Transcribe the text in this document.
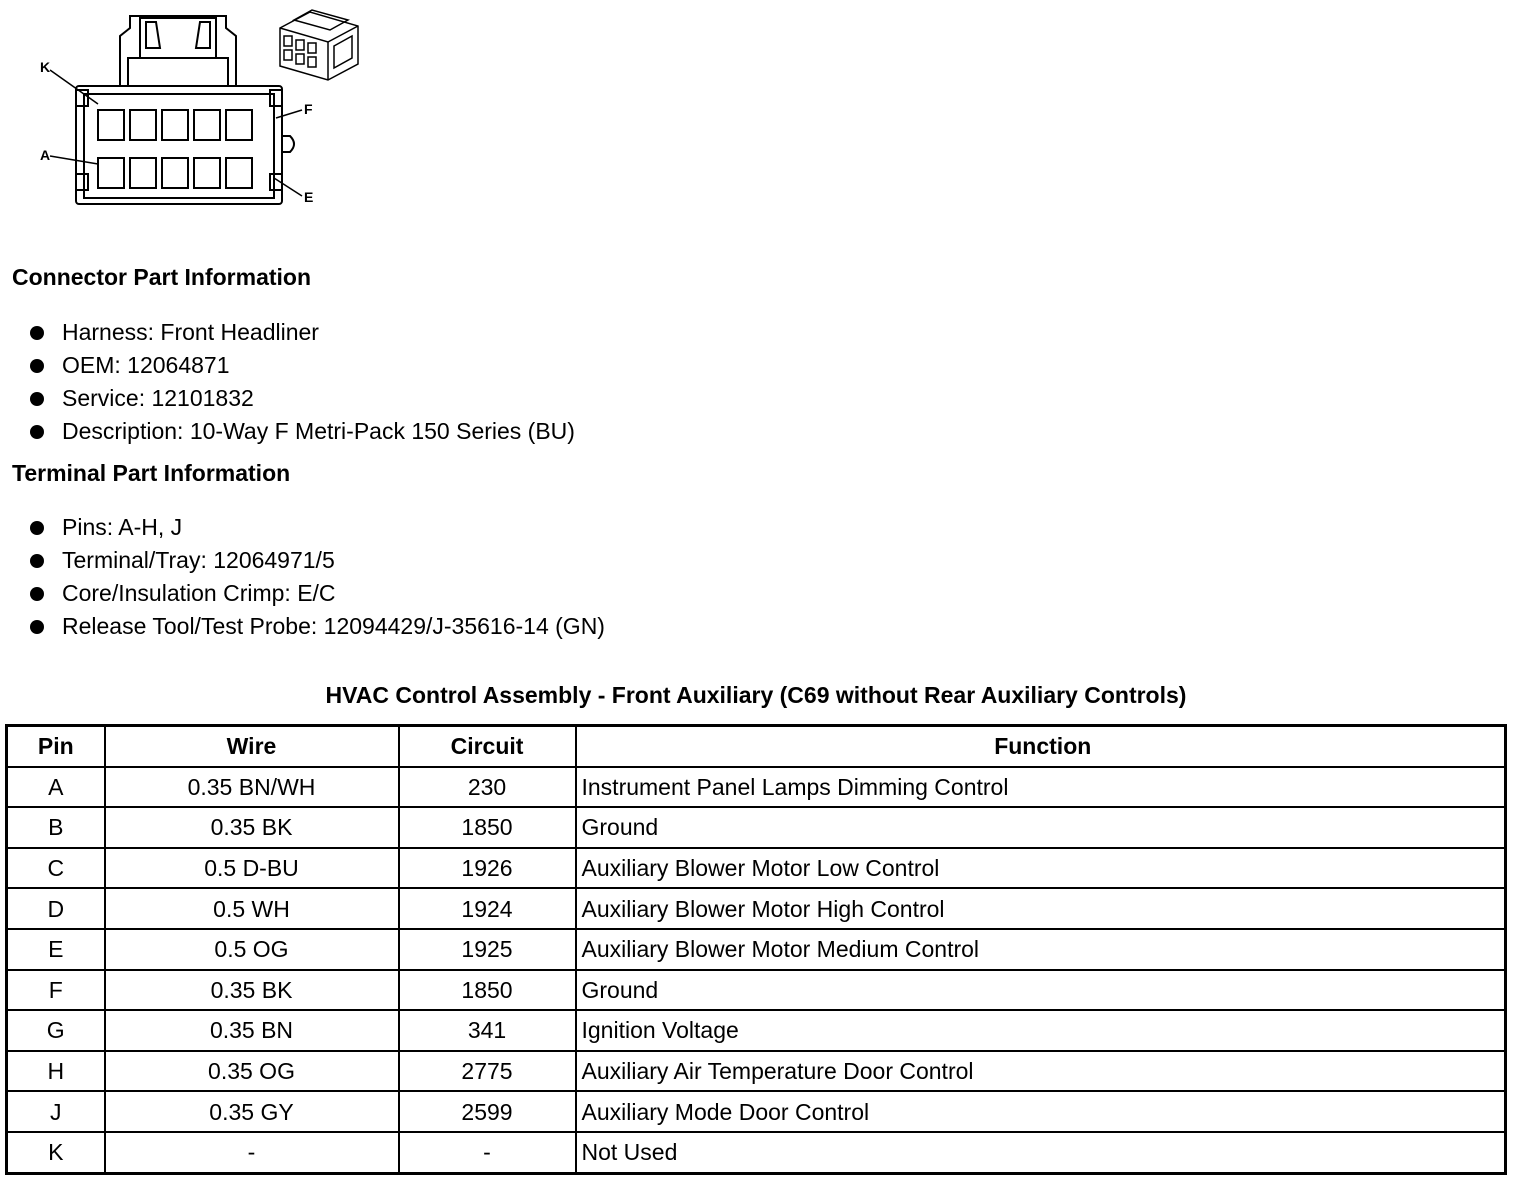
K
F
A
E
Connector Part Information
Harness: Front Headliner
OEM: 12064871
Service: 12101832
Description: 10-Way F Metri-Pack 150 Series (BU)
Terminal Part Information
Pins: A-H, J
Terminal/Tray: 12064971/5
Core/Insulation Crimp: E/C
Release Tool/Test Probe: 12094429/J-35616-14 (GN)
HVAC Control Assembly - Front Auxiliary (C69 without Rear Auxiliary Controls)
Pin	Wire	Circuit	Function
A	0.35 BN/WH	230	Instrument Panel Lamps Dimming Control
B	0.35 BK	1850	Ground
C	0.5 D-BU	1926	Auxiliary Blower Motor Low Control
D	0.5 WH	1924	Auxiliary Blower Motor High Control
E	0.5 OG	1925	Auxiliary Blower Motor Medium Control
F	0.35 BK	1850	Ground
G	0.35 BN	341	Ignition Voltage
H	0.35 OG	2775	Auxiliary Air Temperature Door Control
J	0.35 GY	2599	Auxiliary Mode Door Control
K	-	-	Not Used
